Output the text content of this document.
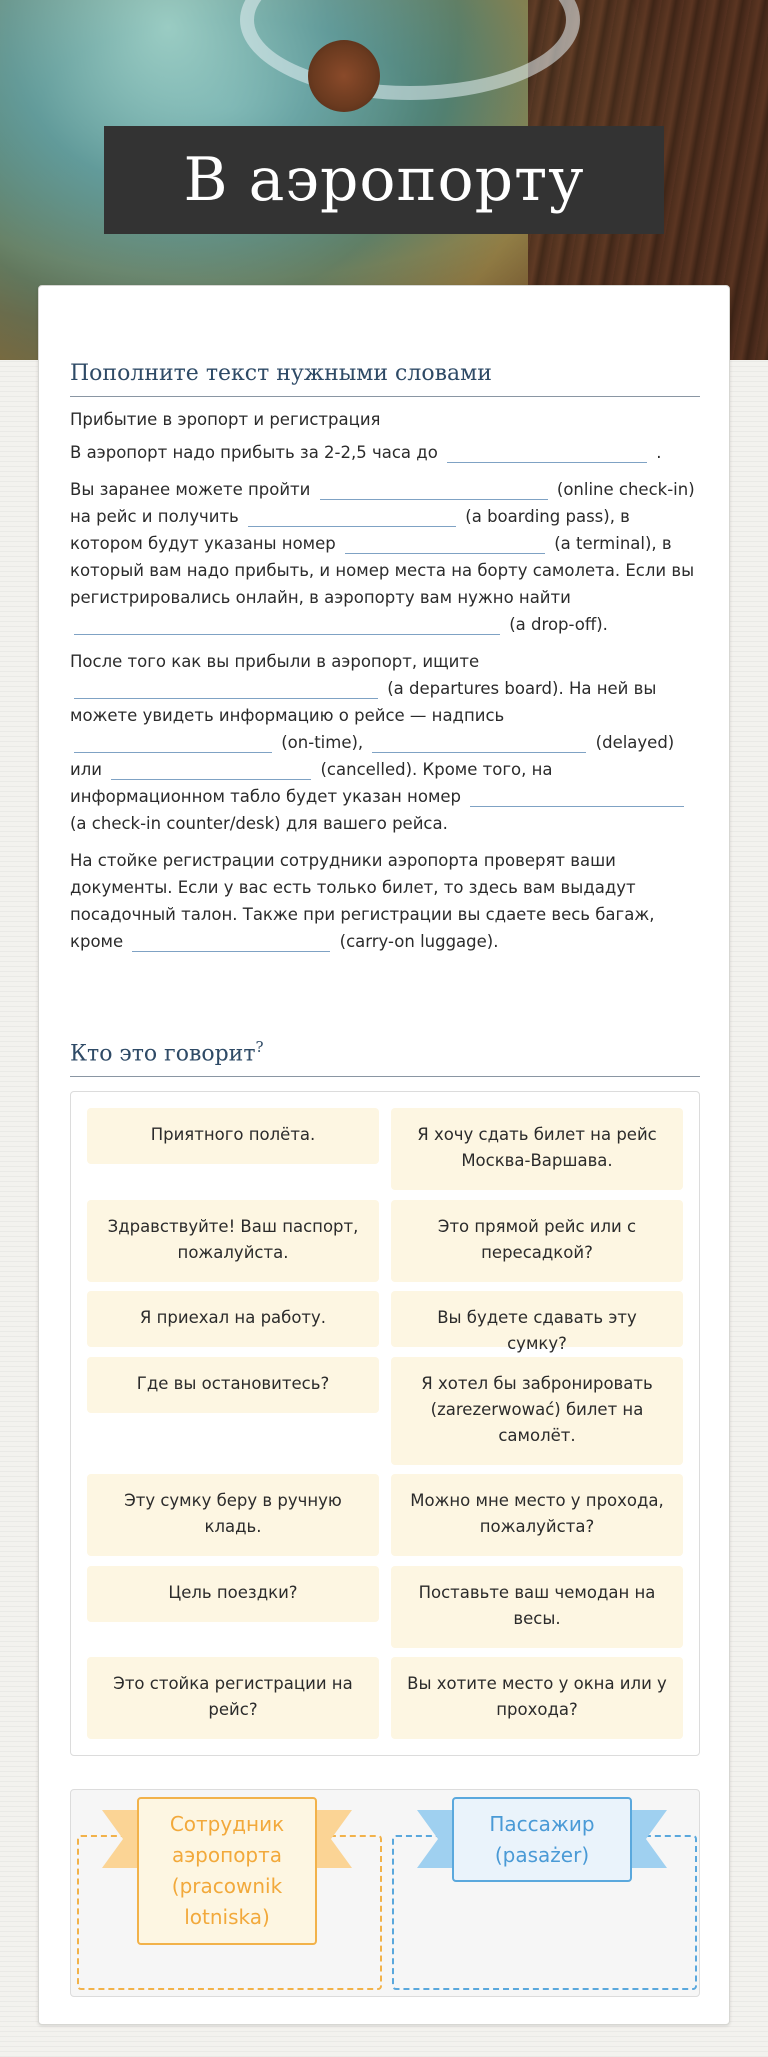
В аэропорту
Пополните текст нужными словами

Прибытие в эропорт и регистрация

В аэропорт надо прибыть за 2-2,5 часа до	.

Вы заранее можете пройти	(online check-in) на рейс и получить	(a boarding pass), в котором будут указаны номер	(a terminal), в который вам надо прибыть, и номер места на борту самолета. Если вы регистрировались онлайн, в аэропорту вам нужно найти  (a drop-off).

После того как вы прибыли в аэропорт, ищите  (a departures board). На ней вы можете увидеть информацию о рейсе — надпись  (on-time),	(delayed) или	(cancelled). Кроме того, на информационном табло будет указан номер  (a check-in counter/desk) для вашего рейса.

На стойке регистрации сотрудники аэропорта проверят ваши документы. Если у вас есть только билет, то здесь вам выдадут посадочный талон. Также при регистрации вы сдаете весь багаж, кроме	(carry-on luggage).

Кто это говорит?
Приятного полёта.	Я хочу сдать билет на рейс Москва-Варшава.
Здравствуйте! Ваш паспорт, пожалуйста.
Это прямой рейс или с пересадкой?
Я приехал на работу.	Вы будете сдавать эту сумку?
Где вы остановитесь?	Я хотел бы забронировать (zarezerwować) билет на самолёт.
Эту сумку беру в ручную кладь.
Можно мне место у прохода, пожалуйста?
Цель поездки?	Поставьте ваш чемодан на весы.
Это стойка регистрации на рейс?
Вы хотите место у окна или у прохода?
Сотрудник аэропорта (pracownik lotniska)
Пассажир (pasażer)
